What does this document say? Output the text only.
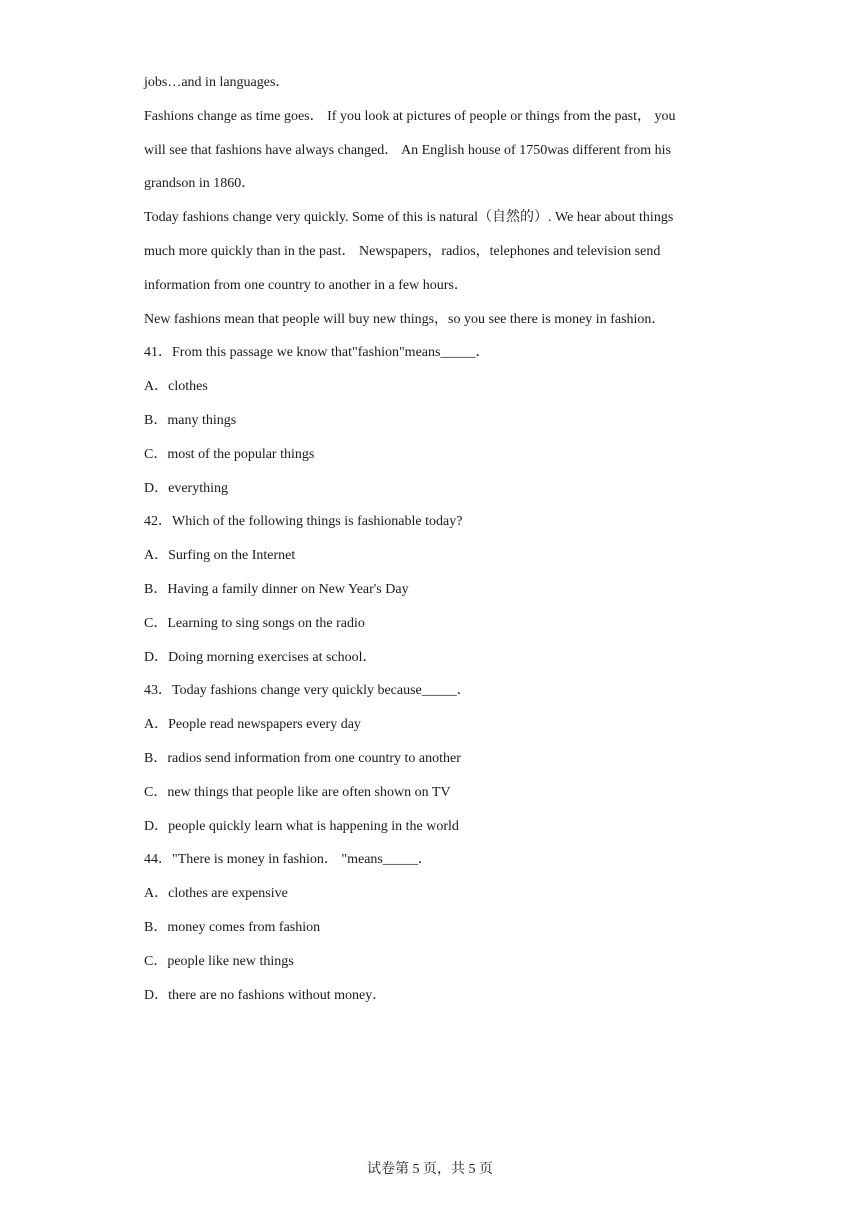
jobs…and in languages．

Fashions change as time goes． If you look at pictures of people or things from the past， you

will see that fashions have always changed． An English house of 1750was different from his

grandson in 1860．

Today fashions change very quickly. Some of this is natural（自然的）. We hear about things

much more quickly than in the past． Newspapers，radios，telephones and television send

information from one country to another in a few hours．

New fashions mean that people will buy new things，so you see there is money in fashion．

41．From this passage we know that"fashion"means_____．

A．clothes

B．many things

C．most of the popular things

D．everything

42．Which of the following things is fashionable today?

A．Surfing on the Internet

B．Having a family dinner on New Year's Day

C．Learning to sing songs on the radio

D．Doing morning exercises at school．

43．Today fashions change very quickly because_____．

A．People read newspapers every day

B．radios send information from one country to another

C．new things that people like are often shown on TV

D．people quickly learn what is happening in the world

44．"There is money in fashion． "means_____．

A．clothes are expensive

B．money comes from fashion

C．people like new things

D．there are no fashions without money．

试卷第 5 页，共 5 页
